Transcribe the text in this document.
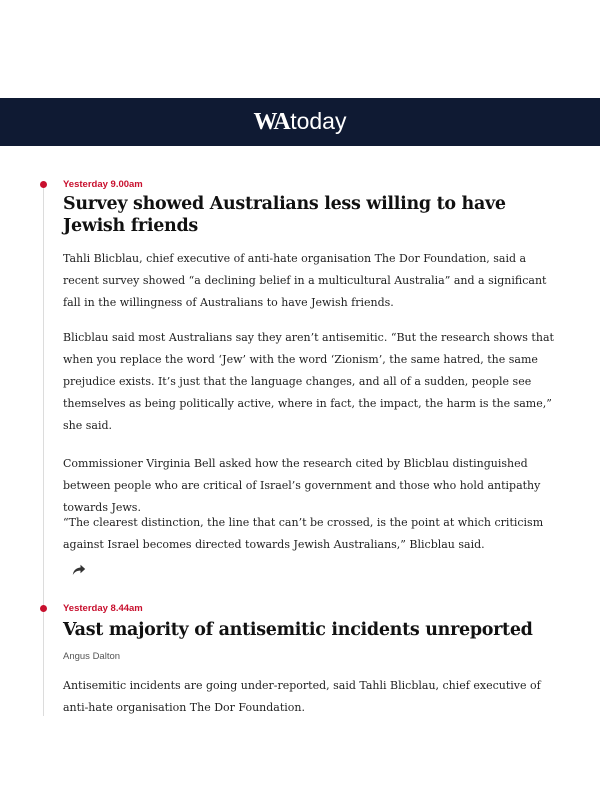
WA today

Yesterday 9.00am

Survey showed Australians less willing to have Jewish friends

Tahli Blicblau, chief executive of anti-hate organisation The Dor Foundation, said a recent survey showed “a declining belief in a multicultural Australia” and a significant fall in the willingness of Australians to have Jewish friends.

Blicblau said most Australians say they aren’t antisemitic. “But the research shows that when you replace the word ‘Jew’ with the word ‘Zionism’, the same hatred, the same prejudice exists. It’s just that the language changes, and all of a sudden, people see themselves as being politically active, where in fact, the impact, the harm is the same,” she said.

Commissioner Virginia Bell asked how the research cited by Blicblau distinguished between people who are critical of Israel’s government and those who hold antipathy towards Jews.

“The clearest distinction, the line that can’t be crossed, is the point at which criticism against Israel becomes directed towards Jewish Australians,” Blicblau said.

Yesterday 8.44am

Vast majority of antisemitic incidents unreported

Angus Dalton

Antisemitic incidents are going under-reported, said Tahli Blicblau, chief executive of anti-hate organisation The Dor Foundation.
